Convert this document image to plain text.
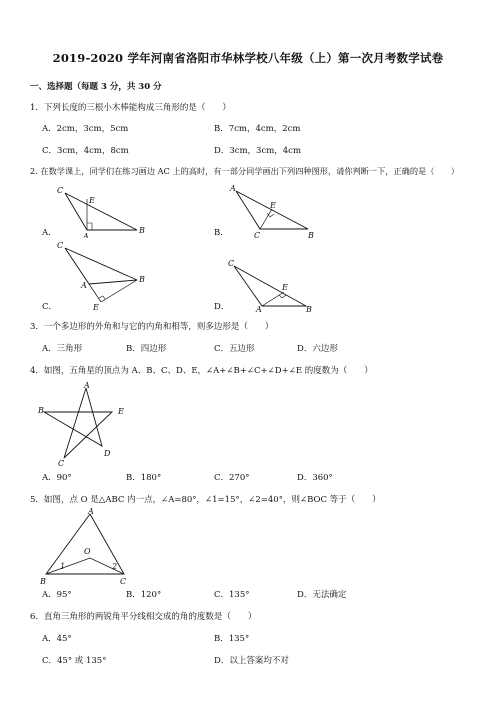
2019-2020 学年河南省洛阳市华林学校八年级（上）第一次月考数学试卷
一、选择题（每题 3 分，共 30 分
1．下列长度的三根小木棒能构成三角形的是（　　）
A．2cm，3cm，5cm	B．7cm，4cm，2cm
C．3cm，4cm，8cm	D．3cm，3cm，4cm
2. 在数学课上，同学们在练习画边 AC 上的高时，有一部分同学画出下列四种图形，请你判断一下，正确的是（　　）
A．	B．
C．	D．
C
E
A
B
A
E
C	B
C
A
B
E
C
E
A	B
3．一个多边形的外角和与它的内角和相等，则多边形是（　　）
A．三角形	B．四边形	C．五边形	D．六边形
4．如图，五角星的顶点为 A、B、C、D、E，∠A+∠B+∠C+∠D+∠E 的度数为（　　）
A
B	E
C
D
A．90°	B．180°	C．270°	D．360°
5．如图，点 O 是△ABC 内一点，∠A=80°，∠1=15°，∠2=40°，则∠BOC 等于（　　）
A
O
1	2
B	C
A．95°	B．120°	C．135°	D．无法确定
6．直角三角形的两锐角平分线相交成的角的度数是（　　）
A．45°	B．135°
C．45° 或 135°	D．以上答案均不对
